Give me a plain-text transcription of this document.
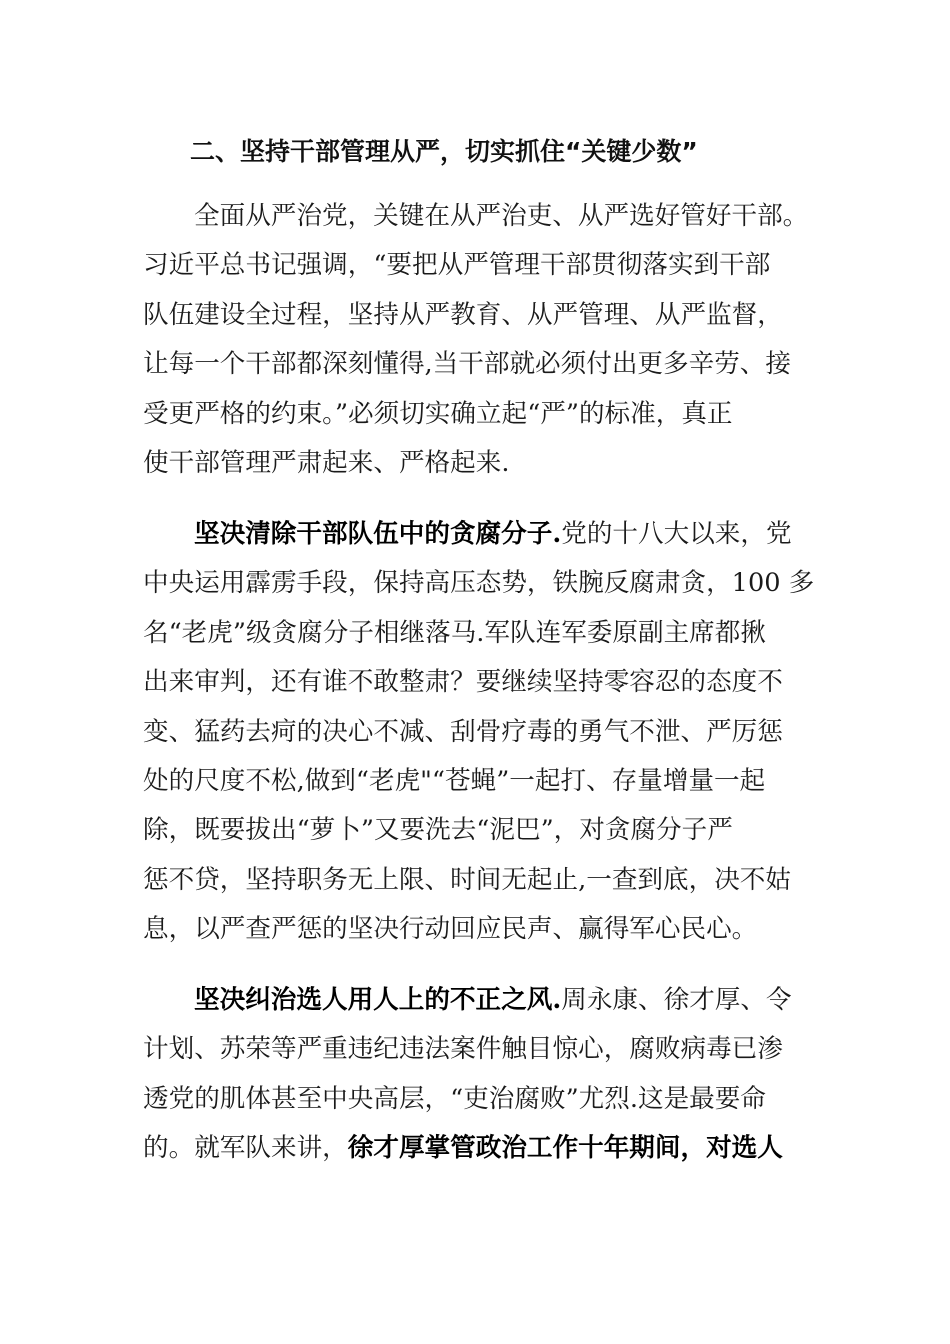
二、坚持干部管理从严，切实抓住“关键少数”
全面从严治党，关键在从严治吏、从严选好管好干部。
习近平总书记强调，“要把从严管理干部贯彻落实到干部
队伍建设全过程，坚持从严教育、从严管理、从严监督，
让每一个干部都深刻懂得,当干部就必须付出更多辛劳、接
受更严格的约束。”必须切实确立起“严”的标准，真正
使干部管理严肃起来、严格起来.
坚决清除干部队伍中的贪腐分子.党的十八大以来，党
中央运用霹雳手段，保持高压态势，铁腕反腐肃贪，100 多
名“老虎”级贪腐分子相继落马.军队连军委原副主席都揪
出来审判，还有谁不敢整肃？要继续坚持零容忍的态度不
变、猛药去疴的决心不减、刮骨疗毒的勇气不泄、严厉惩
处的尺度不松,做到“老虎"“苍蝇”一起打、存量增量一起
除，既要拔出“萝卜”又要洗去“泥巴”，对贪腐分子严
惩不贷，坚持职务无上限、时间无起止,一查到底，决不姑
息，以严查严惩的坚决行动回应民声、赢得军心民心。
坚决纠治选人用人上的不正之风.周永康、徐才厚、令
计划、苏荣等严重违纪违法案件触目惊心，腐败病毒已渗
透党的肌体甚至中央高层，“吏治腐败”尤烈.这是最要命
的。就军队来讲，徐才厚掌管政治工作十年期间，对选人
